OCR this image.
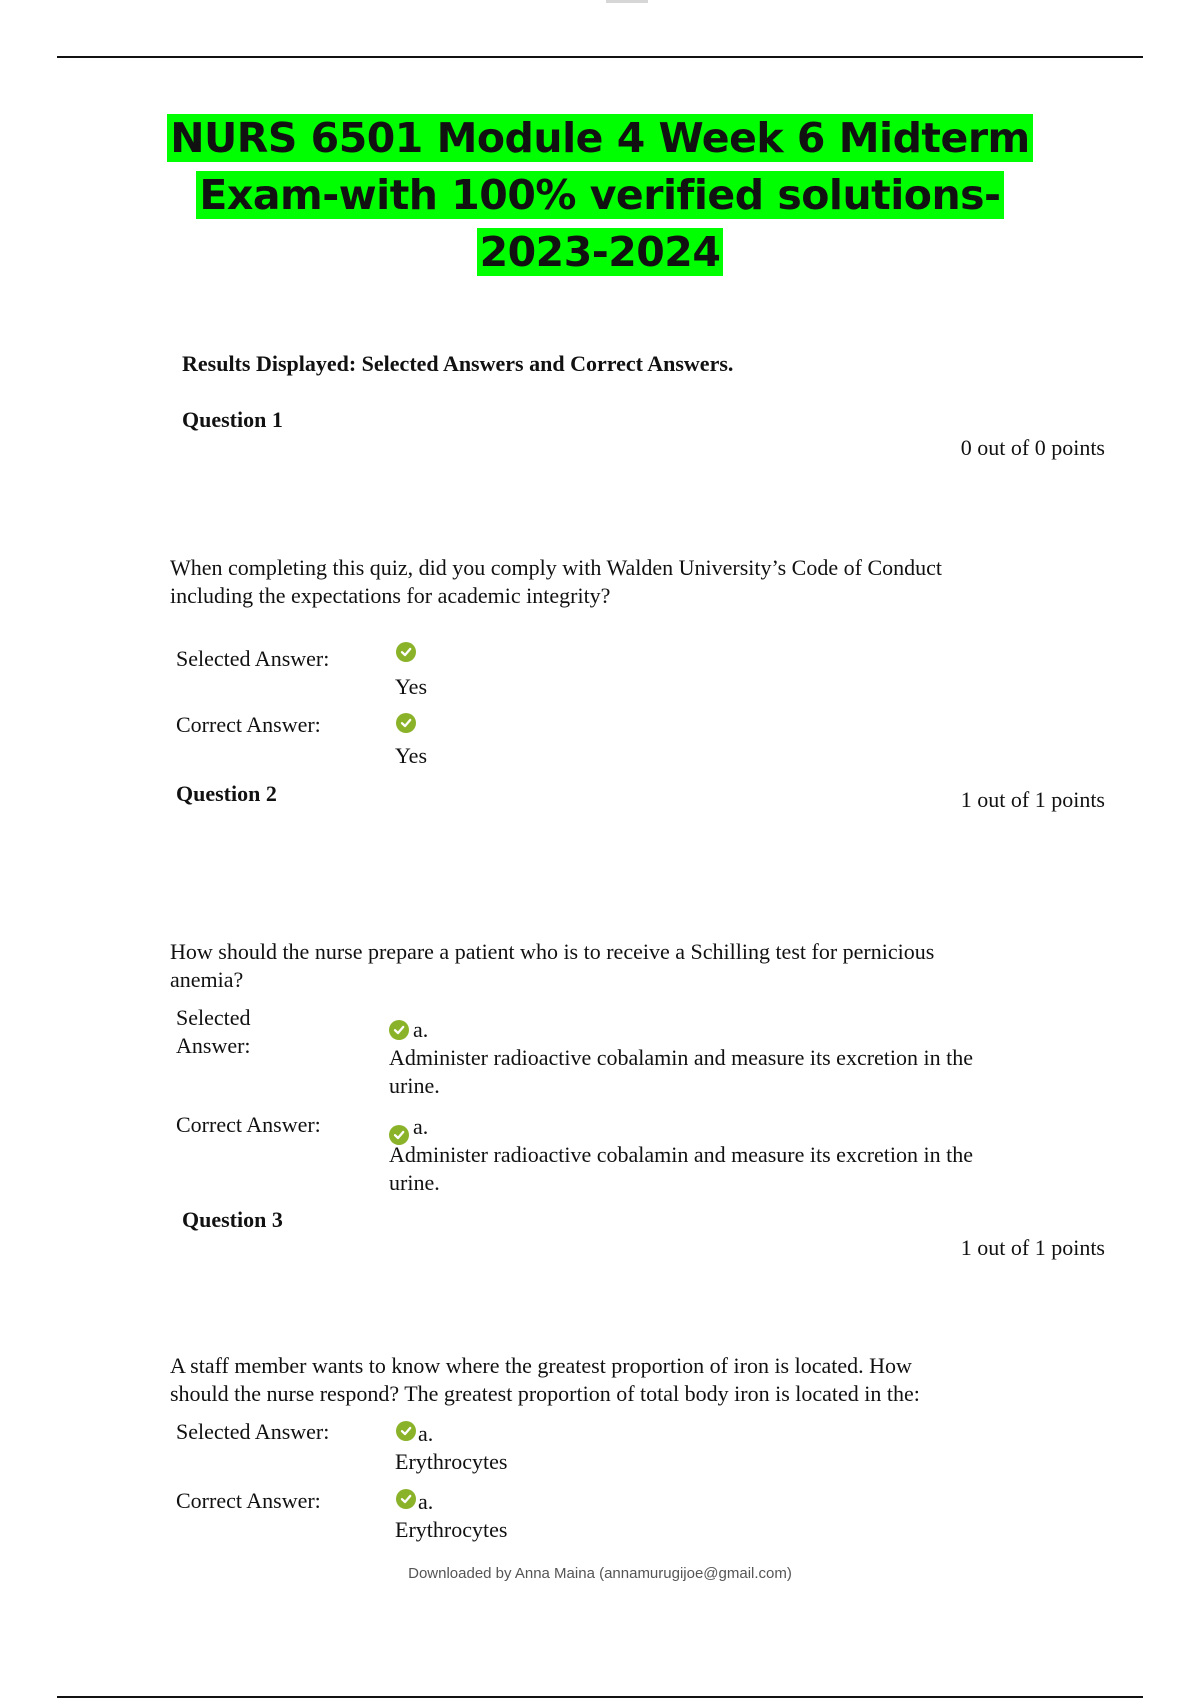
NURS 6501 Module 4 Week 6 Midterm Exam-with 100% verified solutions-2023-2024
Results Displayed: Selected Answers and Correct Answers.
Question 1
0 out of 0 points
When completing this quiz, did you comply with Walden University’s Code of Conduct
including the expectations for academic integrity?
Selected Answer:
Yes
Correct Answer:
Yes
Question 2	1 out of 1 points
How should the nurse prepare a patient who is to receive a Schilling test for pernicious
anemia?
Selected
Answer:
a.
Administer radioactive cobalamin and measure its excretion in the
urine.
Correct Answer:	a.
Administer radioactive cobalamin and measure its excretion in the
urine.
Question 3
1 out of 1 points
A staff member wants to know where the greatest proportion of iron is located. How
should the nurse respond? The greatest proportion of total body iron is located in the:
Selected Answer:	a.
Erythrocytes
Correct Answer:	a.
Erythrocytes
Downloaded by Anna Maina (annamurugijoe@gmail.com)
